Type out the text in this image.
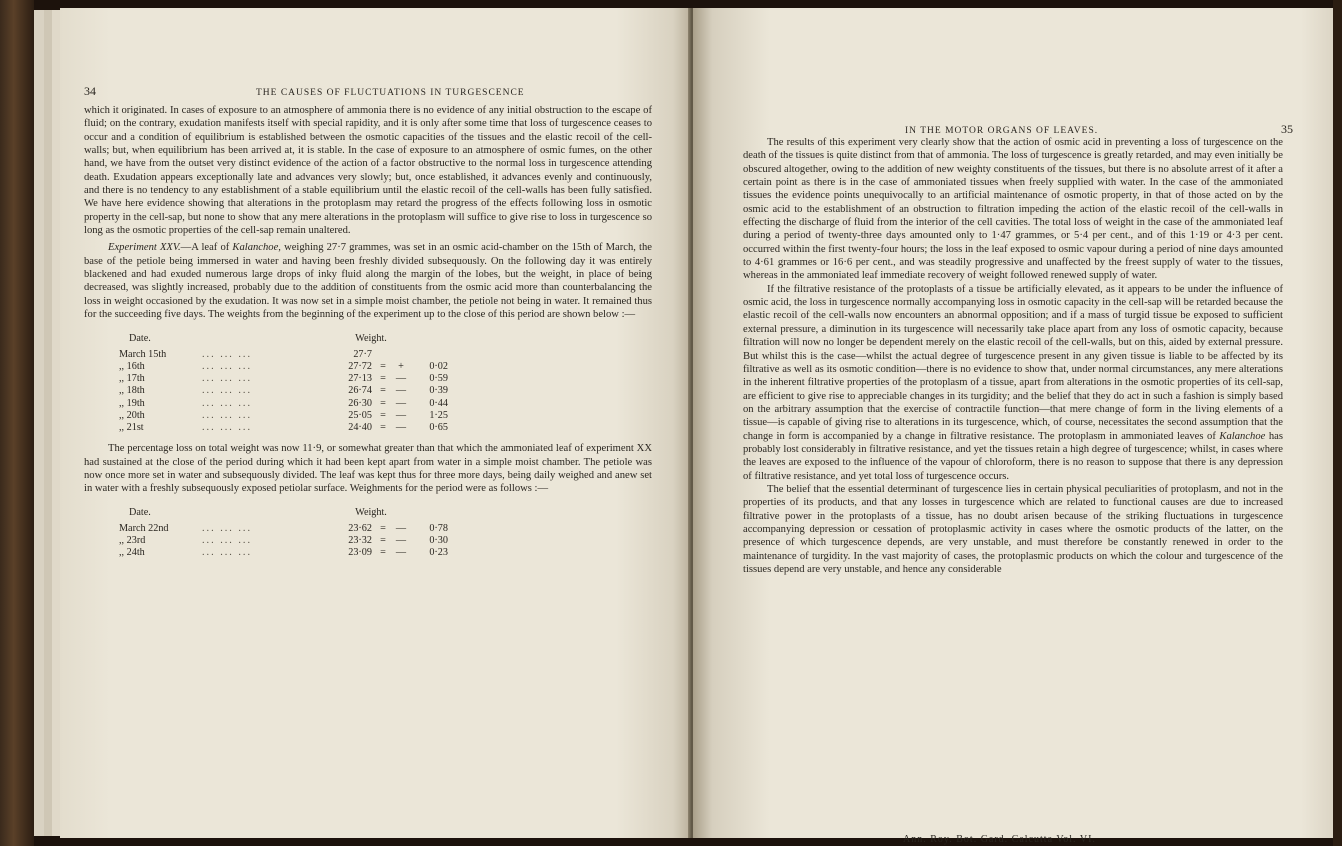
34	THE CAUSES OF FLUCTUATIONS IN TURGESCENCE

which it originated. In cases of exposure to an atmosphere of ammonia there is no evidence of any initial obstruction to the escape of fluid; on the contrary, exudation manifests itself with special rapidity, and it is only after some time that loss of turgescence ceases to occur and a condition of equilibrium is established between the osmotic capacities of the tissues and the elastic recoil of the cell-walls; but, when equilibrium has been arrived at, it is stable. In the case of exposure to an atmosphere of osmic fumes, on the other hand, we have from the outset very distinct evidence of the action of a factor obstructive to the normal loss in turgescence attending death. Exudation appears exceptionally late and advances very slowly; but, once established, it advances evenly and continuously, and there is no tendency to any establishment of a stable equilibrium until the elastic recoil of the cell-walls has been fully satisfied. We have here evidence showing that alterations in the protoplasm may retard the progress of the effects following loss in osmotic property in the cell-sap, but none to show that any mere alterations in the protoplasm will suffice to give rise to loss in turgescence so long as the osmotic properties of the cell-sap remain unaltered.

Experiment XXV.—A leaf of Kalanchoe, weighing 27·7 grammes, was set in an osmic acid-chamber on the 15th of March, the base of the petiole being immersed in water and having been freshly divided subsequously. On the following day it was entirely blackened and had exuded numerous large drops of inky fluid along the margin of the lobes, but the weight, in place of being decreased, was slightly increased, probably due to the addition of constituents from the osmic acid more than counterbalancing the loss in weight occasioned by the exudation. It was now set in a simple moist chamber, the petiole not being in water. It remained thus for the succeeding five days. The weights from the beginning of the experiment up to the close of this period are shown below :—

Date.	Weight.
March 15th	... ... ...	27·7
,, 16th	... ... ...	27·72 =	+	0·02
,, 17th	... ... ...	27·13 = —	0·59
,, 18th	... ... ...	26·74 = —	0·39
,, 19th	... ... ...	26·30 = —	0·44
,, 20th	... ... ...	25·05 = —	1·25
,, 21st	... ... ...	24·40 = —	0·65

The percentage loss on total weight was now 11·9, or somewhat greater than that which the ammoniated leaf of experiment XX had sustained at the close of the period during which it had been kept apart from water in a simple moist chamber. The petiole was now once more set in water and subsequously divided. The leaf was kept thus for three more days, being daily weighed and anew set in water with a freshly subsequously exposed petiolar surface. Weighments for the period were as follows :—

Date.	Weight.
March 22nd	... ... ...	23·62 = —	0·78
,, 23rd	... ... ...	23·32 = —	0·30
,, 24th	... ... ...	23·09 = —	0·23
IN THE MOTOR ORGANS OF LEAVES.	35

The results of this experiment very clearly show that the action of osmic acid in preventing a loss of turgescence on the death of the tissues is quite distinct from that of ammonia. The loss of turgescence is greatly retarded, and may even initially be obscured altogether, owing to the addition of new weighty constituents of the tissues, but there is no absolute arrest of it after a certain point as there is in the case of ammoniated tissues when freely supplied with water. In the case of the ammoniated tissues the evidence points unequivocally to an artificial maintenance of osmotic property, in that of those acted on by the osmic acid to the establishment of an obstruction to filtration impeding the action of the elastic recoil of the cell-walls in effecting the discharge of fluid from the interior of the cell cavities. The total loss of weight in the case of the ammoniated leaf during a period of twenty-three days amounted only to 1·47 grammes, or 5·4 per cent., and of this 1·19 or 4·3 per cent. occurred within the first twenty-four hours; the loss in the leaf exposed to osmic vapour during a period of nine days amounted to 4·61 grammes or 16·6 per cent., and was steadily progressive and unaffected by the freest supply of water to the tissues, whereas in the ammoniated leaf immediate recovery of weight followed renewed supply of water.

If the filtrative resistance of the protoplasts of a tissue be artificially elevated, as it appears to be under the influence of osmic acid, the loss in turgescence normally accompanying loss in osmotic capacity in the cell-sap will be retarded because the elastic recoil of the cell-walls now encounters an abnormal opposition; and if a mass of turgid tissue be exposed to sufficient external pressure, a diminution in its turgescence will necessarily take place apart from any loss of osmotic capacity, because filtration will now no longer be dependent merely on the elastic recoil of the cell-walls, but on this, aided by external pressure. But whilst this is the case—whilst the actual degree of turgescence present in any given tissue is liable to be affected by its filtrative as well as its osmotic condition—there is no evidence to show that, under normal circumstances, any mere alterations in the inherent filtrative properties of the protoplasm of a tissue, apart from alterations in the osmotic properties of its cell-sap, are efficient to give rise to appreciable changes in its turgidity; and the belief that they do act in such a fashion is simply based on the arbitrary assumption that the exercise of contractile function—that mere change of form in the living elements of a tissue—is capable of giving rise to alterations in its turgescence, which, of course, necessitates the second assumption that the change in form is accompanied by a change in filtrative resistance. The protoplasm in ammoniated leaves of Kalanchoe has probably lost considerably in filtrative resistance, and yet the tissues retain a high degree of turgescence; whilst, in cases where the leaves are exposed to the influence of the vapour of chloroform, there is no reason to suppose that there is any depression of filtrative resistance, and yet total loss of turgescence occurs.

The belief that the essential determinant of turgescence lies in certain physical peculiarities of protoplasm, and not in the properties of its products, and that any losses in turgescence which are related to functional causes are due to increased filtrative power in the protoplasts of a tissue, has no doubt arisen because of the striking fluctuations in turgescence accompanying depression or cessation of protoplasmic activity in cases where the osmotic products of the latter, on the presence of which turgescence depends, are very unstable, and must therefore be constantly renewed in order to the maintenance of turgidity. In the vast majority of cases, the protoplasmic products on which the colour and turgescence of the tissues depend are very unstable, and hence any considerable

Ann. Roy. Bot. Gard. Calcutta Vol. VI.
